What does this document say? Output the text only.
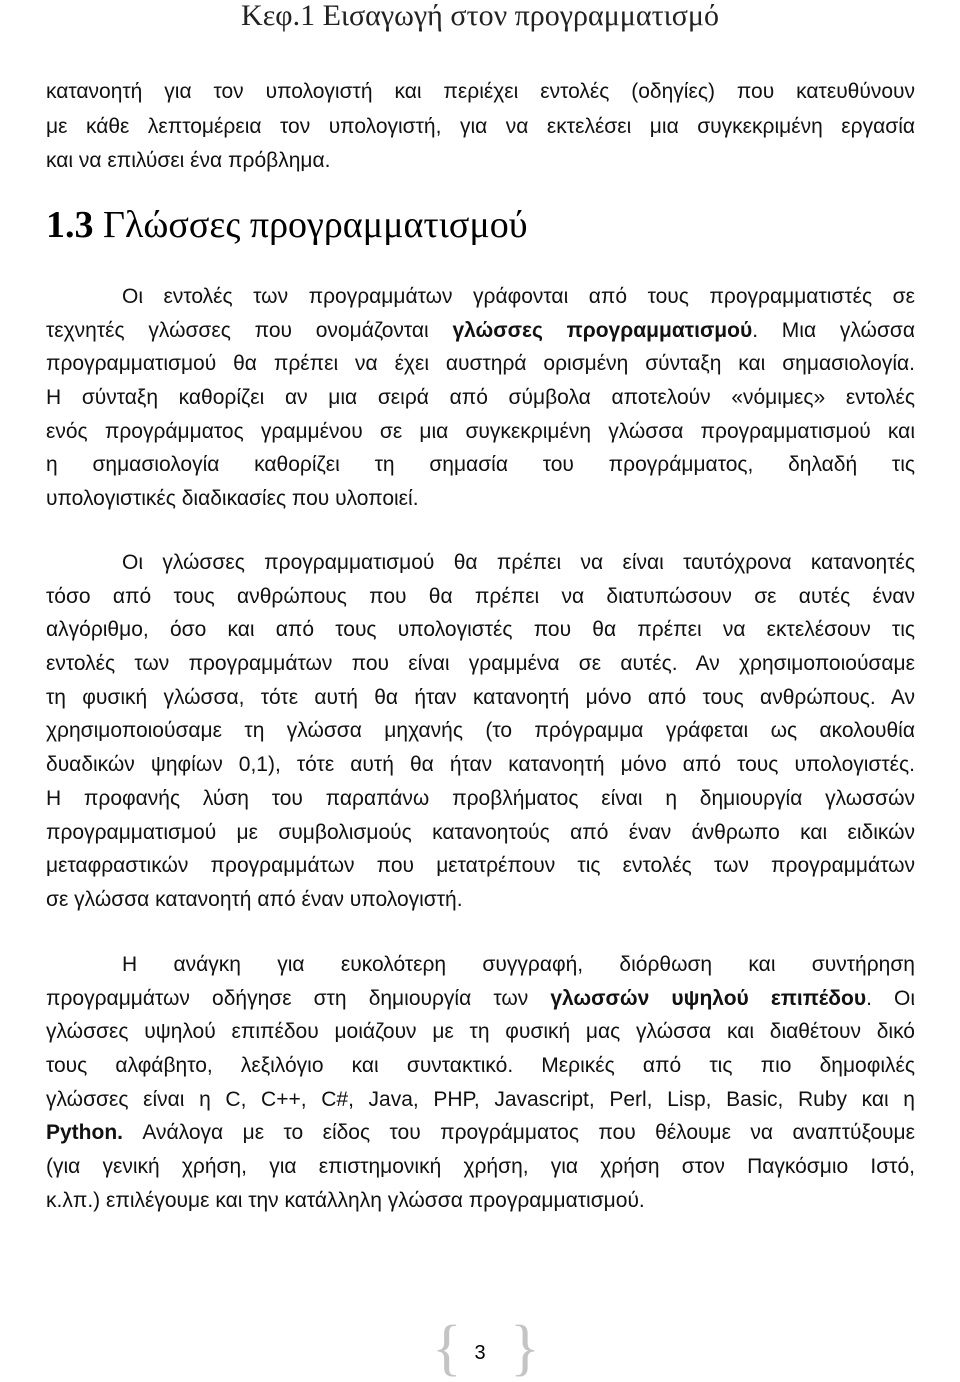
Κεφ.1 Εισαγωγή στον προγραμματισμό
κατανοητή για τον υπολογιστή και περιέχει εντολές (οδηγίες) που κατευθύνουν
με κάθε λεπτομέρεια τον υπολογιστή, για να εκτελέσει μια συγκεκριμένη εργασία
και να επιλύσει ένα πρόβλημα.
1.3 Γλώσσες προγραμματισμού
Οι εντολές των προγραμμάτων γράφονται από τους προγραμματιστές σε
τεχνητές γλώσσες που ονομάζονται γλώσσες προγραμματισμού. Μια γλώσσα
προγραμματισμού θα πρέπει να έχει αυστηρά ορισμένη σύνταξη και σημασιολογία.
Η σύνταξη καθορίζει αν μια σειρά από σύμβολα αποτελούν «νόμιμες» εντολές
ενός προγράμματος γραμμένου σε μια συγκεκριμένη γλώσσα προγραμματισμού και
η σημασιολογία καθορίζει τη σημασία του προγράμματος, δηλαδή τις
υπολογιστικές διαδικασίες που υλοποιεί.
Οι γλώσσες προγραμματισμού θα πρέπει να είναι ταυτόχρονα κατανοητές
τόσο από τους ανθρώπους που θα πρέπει να διατυπώσουν σε αυτές έναν
αλγόριθμο, όσο και από τους υπολογιστές που θα πρέπει να εκτελέσουν τις
εντολές των προγραμμάτων που είναι γραμμένα σε αυτές. Αν χρησιμοποιούσαμε
τη φυσική γλώσσα, τότε αυτή θα ήταν κατανοητή μόνο από τους ανθρώπους. Αν
χρησιμοποιούσαμε τη γλώσσα μηχανής (το πρόγραμμα γράφεται ως ακολουθία
δυαδικών ψηφίων 0,1), τότε αυτή θα ήταν κατανοητή μόνο από τους υπολογιστές.
Η προφανής λύση του παραπάνω προβλήματος είναι η δημιουργία γλωσσών
προγραμματισμού με συμβολισμούς κατανοητούς από έναν άνθρωπο και ειδικών
μεταφραστικών προγραμμάτων που μετατρέπουν τις εντολές των προγραμμάτων
σε γλώσσα κατανοητή από έναν υπολογιστή.
Η ανάγκη για ευκολότερη συγγραφή, διόρθωση και συντήρηση
προγραμμάτων οδήγησε στη δημιουργία των γλωσσών υψηλού επιπέδου. Οι
γλώσσες υψηλού επιπέδου μοιάζουν με τη φυσική μας γλώσσα και διαθέτουν δικό
τους αλφάβητο, λεξιλόγιο και συντακτικό. Μερικές από τις πιο δημοφιλές
γλώσσες είναι η C, C++, C#, Java, PHP, Javascript, Perl, Lisp, Basic, Ruby και η
Python. Ανάλογα με το είδος του προγράμματος που θέλουμε να αναπτύξουμε
(για γενική χρήση, για επιστημονική χρήση, για χρήση στον Παγκόσμιο Ιστό,
κ.λπ.) επιλέγουμε και την κατάλληλη γλώσσα προγραμματισμού.
{ 3 }
